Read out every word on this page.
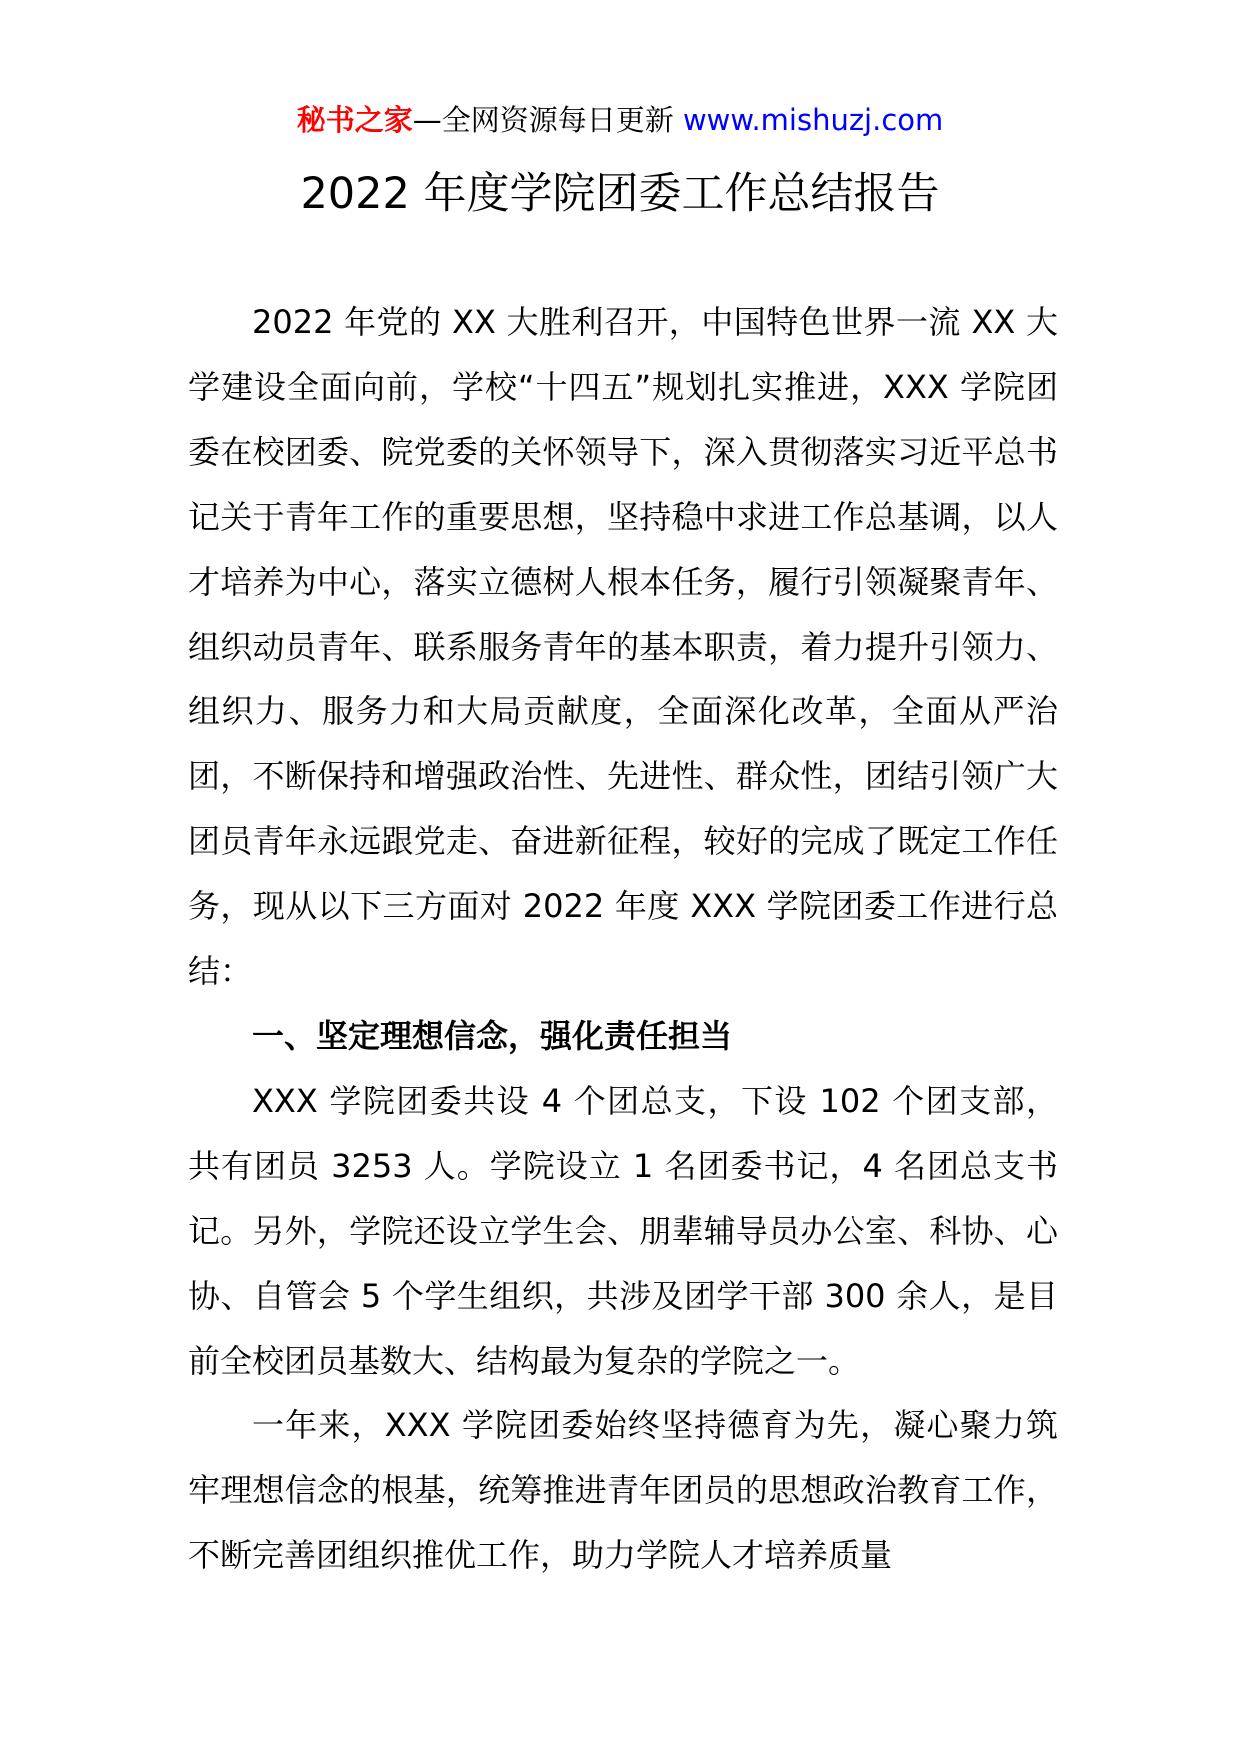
秘书之家—全网资源每日更新 www.mishuzj.com
2022 年度学院团委工作总结报告

2022 年党的 XX 大胜利召开，中国特色世界一流 XX 大学建设全面向前，学校“十四五”规划扎实推进，XXX 学院团委在校团委、院党委的关怀领导下，深入贯彻落实习近平总书记关于青年工作的重要思想，坚持稳中求进工作总基调，以人才培养为中心，落实立德树人根本任务，履行引领凝聚青年、组织动员青年、联系服务青年的基本职责，着力提升引领力、组织力、服务力和大局贡献度，全面深化改革，全面从严治团，不断保持和增强政治性、先进性、群众性，团结引领广大团员青年永远跟党走、奋进新征程，较好的完成了既定工作任务，现从以下三方面对 2022 年度 XXX 学院团委工作进行总结：

一、坚定理想信念，强化责任担当

XXX 学院团委共设 4 个团总支，下设 102 个团支部，共有团员 3253 人。学院设立 1 名团委书记，4 名团总支书记。另外，学院还设立学生会、朋辈辅导员办公室、科协、心协、自管会 5 个学生组织，共涉及团学干部 300 余人，是目前全校团员基数大、结构最为复杂的学院之一。

一年来，XXX 学院团委始终坚持德育为先，凝心聚力筑牢理想信念的根基，统筹推进青年团员的思想政治教育工作，不断完善团组织推优工作，助力学院人才培养质量
